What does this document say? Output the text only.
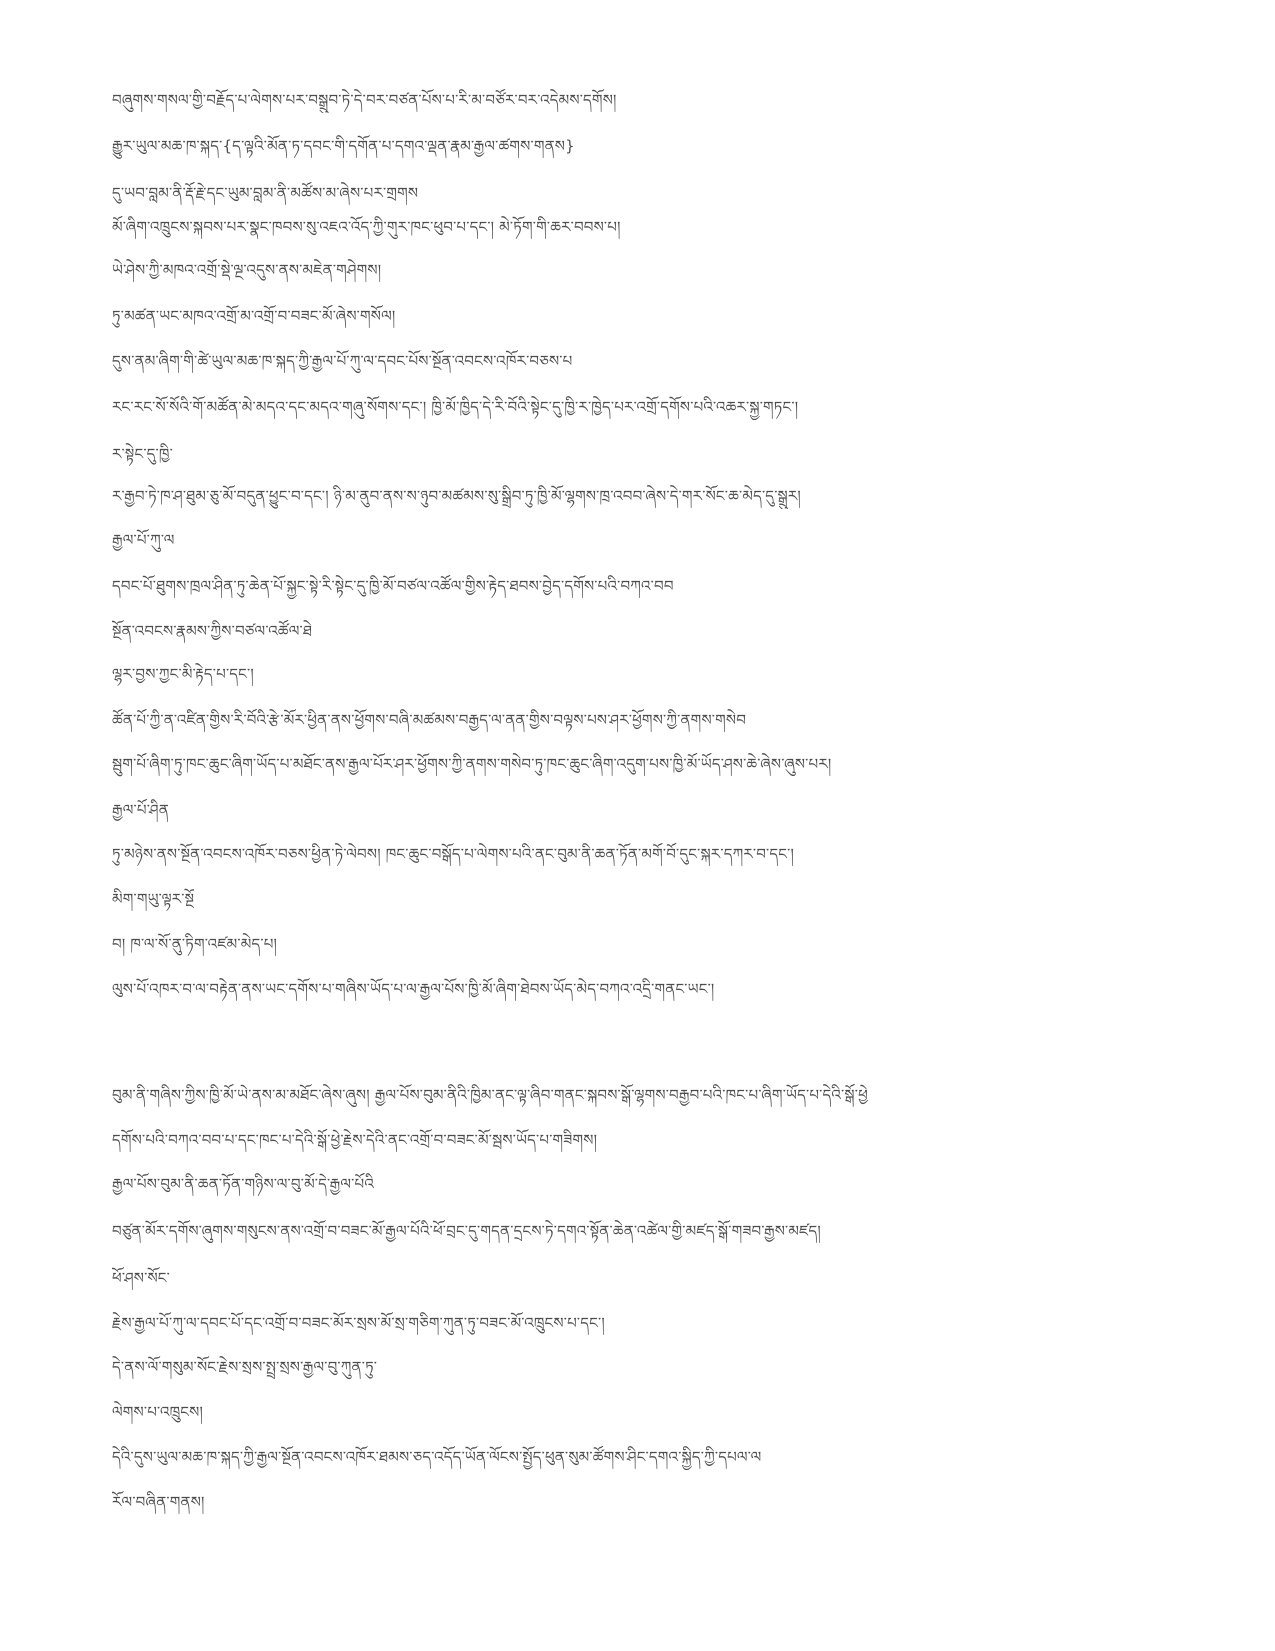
བཞུགས་གསལ་གྱི་བརྗོད་པ་ལེགས་པར་བསྒྲུབ་ཏེ་དེ་བར་བཙན་པོས་པ་རི་མ་བཙོར་བར་འདེམས་དགོས།
རྒྱུར་ཡུལ་མཆ་ཁ་སྐད་{ད་ལྟའི་མོན་ཏ་དབང་གི་དགོན་པ་དགའ་ལྡན་རྣམ་རྒྱལ་ཚགས་གནས}
དུ་ཡབ་བླམ་ནི་རྡོ་རྗེ་དང་ཡུམ་བླམ་ནི་མཚོས་མ་ཞེས་པར་གྲགས
མོ་ཞིག་འཁྲུངས་སྐབས་པར་སྣང་ཁབས་སུ་འཇའ་འོད་ཀྱི་གུར་ཁང་ཕུབ་པ་དང་། མེ་ཏོག་གི་ཆར་བབས་པ།
ཡེ་ཤེས་ཀྱི་མཁའ་འགྲོ་སྡེ་ལྔ་འདུས་ནས་མཇེན་གཤེགས།
ཏུ་མཚན་ཡང་མཁའ་འགྲོ་མ་འགྲོ་བ་བཟང་མོ་ཞེས་གསོལ།
དུས་ནམ་ཞིག་གི་ཚེ་ཡུལ་མཆ་ཁ་སྐད་ཀྱི་རྒྱལ་པོ་ཀུ་ལ་དབང་པོས་སྔོན་འབངས་འཁོར་བཅས་པ
རང་རང་སོ་སོའི་གོ་མཚོན་མེ་མདའ་དང་མདའ་གཞུ་སོགས་དང་། ཁྱི་མོ་ཁྱིད་དེ་རི་བོའི་སྟེང་དུ་ཁྱི་ར་ཁྱེད་པར་འགྲོ་དགོས་པའི་འཆར་སྐྱ་གཏང་།
ར་སྟེང་དུ་ཁྱི་
ར་རྒྱབ་ཏེ་ཁ་ཤ་ཐུམ་ཅུ་མོ་བདུན་ཕྱུང་བ་དང་། ཉི་མ་ནུབ་ནས་ས་ཉུབ་མཚམས་སུ་སྒྲིབ་ཏུ་ཁྱི་མོ་ལྷགས་ཁྲ་འབབ་ཞེས་དེ་གར་སོང་ཆ་མེད་དུ་སྒྲུར།
རྒྱལ་པོ་ཀུ་ལ
དབང་པོ་ཐུགས་ཁྲལ་ཤིན་ཏུ་ཆེན་པོ་སྐྱང་སྟེ་རི་སྟེང་དུ་ཁྱི་མོ་བཙལ་འཚོལ་གྱིས་རྟེད་ཐབས་བྱེད་དགོས་པའི་བཀའ་བབ
སྔོན་འབངས་རྣམས་ཀྱིས་བཙལ་འཚོལ་ཐེ
ལྷར་བྱས་ཀྱང་མི་རྟེད་པ་དང་།
ཚོན་པོ་ཀྱི་ན་འཛིན་གྱིས་རི་བོའི་རྩེ་མོར་ཕྱིན་ནས་ཕྱོགས་བཞི་མཚམས་བརྒྱད་ལ་ནན་གྱིས་བལྟས་པས་ཤར་ཕྱོགས་ཀྱི་ནགས་གསེབ
སྦུག་པོ་ཞིག་ཏུ་ཁང་ཆུང་ཞིག་ཡོད་པ་མཐོང་ནས་རྒྱལ་པོར་ཤར་ཕྱོགས་ཀྱི་ནགས་གསེབ་ཏུ་ཁང་ཆུང་ཞིག་འདུག་པས་ཁྱི་མོ་ཡོད་ཤས་ཆེ་ཞེས་ཞུས་པར།
རྒྱལ་པོ་ཤིན
ཏུ་མཉེས་ནས་སྔོན་འབངས་འཁོར་བཅས་ཕྱིན་ཏེ་ལེབས། ཁང་ཆུང་བསྒོད་པ་ལེགས་པའི་ནང་བུམ་ནི་ཆན་ཏོན་མགོ་བོ་དུང་སྐར་དཀར་བ་དང་།
མིག་གཡུ་ལྟར་སྔོ
བ། ཁ་ལ་སོ་ནུ་ཏིག་འཛམ་མེད་པ།
ལུས་པོ་འཁར་བ་ལ་བརྟེན་ནས་ཡང་དགོས་པ་གཞིས་ཡོད་པ་ལ་རྒྱལ་པོས་ཁྱི་མོ་ཞིག་ཐེབས་ཡོད་མེད་བཀའ་འདྲི་གནང་ཡང་།
བུམ་ནི་གཞིས་ཀྱིས་ཁྱི་མོ་ཡེ་ནས་མ་མཐོང་ཞེས་ཞུས། རྒྱལ་པོས་བུམ་ནིའི་ཁྱིམ་ནང་ལྟ་ཞིབ་གནང་སྐབས་སྒོ་ལྷགས་བརྒྱབ་པའི་ཁང་པ་ཞིག་ཡོད་པ་དེའི་སྒོ་ཕྱེ
དགོས་པའི་བཀའ་བབ་པ་དང་ཁང་པ་དེའི་སྒོ་ཕྱེ་རྗེས་དེའི་ནང་འགྲོ་བ་བཟང་མོ་སྦས་ཡོད་པ་གཟིགས།
རྒྱལ་པོས་བུམ་ནི་ཆན་ཏོན་གཉིས་ལ་བུ་མོ་དེ་རྒྱལ་པོའི
བཙུན་མོར་དགོས་ཞུགས་གསུངས་ནས་འགྲོ་བ་བཟང་མོ་རྒྱལ་པོའི་ཕོ་བྲང་དུ་གདན་དྲངས་ཏེ་དགའ་སྟོན་ཆེན་འཚེལ་གྱི་མཛད་སྒོ་གཟབ་རྒྱས་མཛད།
ཕོ་ཤས་སོང་
རྗེས་རྒྱལ་པོ་ཀུ་ལ་དབང་པོ་དང་འགྲོ་བ་བཟང་མོར་སྲས་མོ་སྲ་གཅིག་ཀུན་ཏུ་བཟང་མོ་འཁྲུངས་པ་དང་།
དེ་ནས་ལོ་གསུམ་སོང་རྗེས་སྲས་སྤྲ་སྲས་རྒྱལ་བུ་ཀུན་ཏུ་
ལེགས་པ་འཁྲུངས།
དེའི་དུས་ཡུལ་མཆ་ཁ་སྐད་ཀྱི་རྒྱལ་སྔོན་འབངས་འཁོར་ཐམས་ཅད་འདོད་ཡོན་ལོངས་སྤྱོད་ཕུན་སུམ་ཚོགས་ཤིང་དགའ་སྐྱིད་ཀྱི་དཔལ་ལ
རོལ་བཞིན་གནས།
